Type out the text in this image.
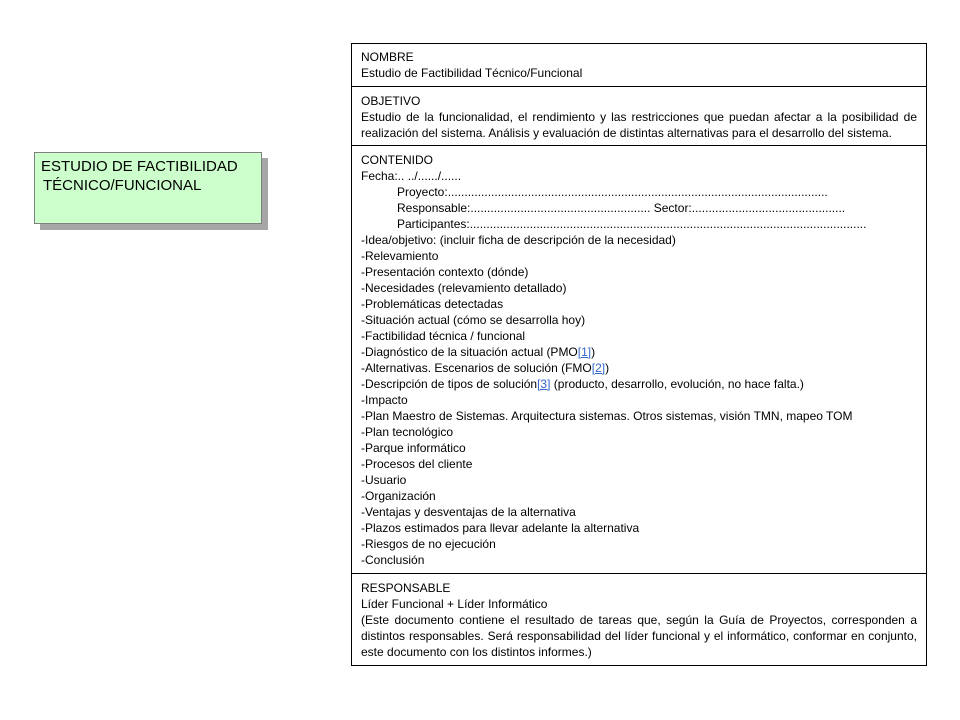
ESTUDIO DE FACTIBILIDAD
TÉCNICO/FUNCIONAL
NOMBRE
Estudio de Factibilidad Técnico/Funcional
OBJETIVO
Estudio de la funcionalidad, el rendimiento y las restricciones que puedan afectar a la posibilidad de realización del sistema. Análisis y evaluación de distintas alternativas para el desarrollo del sistema.
CONTENIDO
Fecha:.. ../....../......
Proyecto:..................................................................................................................
Responsable:...................................................... Sector:..............................................
Participantes:.......................................................................................................................
-Idea/objetivo: (incluir ficha de descripción de la necesidad)
-Relevamiento
-Presentación contexto (dónde)
-Necesidades (relevamiento detallado)
-Problemáticas detectadas
-Situación actual (cómo se desarrolla hoy)
-Factibilidad técnica / funcional
-Diagnóstico de la situación actual (PMO[1])
-Alternativas. Escenarios de solución (FMO[2])
-Descripción de tipos de solución[3] (producto, desarrollo, evolución, no hace falta.)
-Impacto
-Plan Maestro de Sistemas. Arquitectura sistemas. Otros sistemas, visión TMN, mapeo TOM
-Plan tecnológico
-Parque informático
-Procesos del cliente
-Usuario
-Organización
-Ventajas y desventajas de la alternativa
-Plazos estimados para llevar adelante la alternativa
-Riesgos de no ejecución
-Conclusión
RESPONSABLE
Líder Funcional + Líder Informático
(Este documento contiene el resultado de tareas que, según la Guía de Proyectos, corresponden a distintos responsables. Será responsabilidad del líder funcional y el informático, conformar en conjunto, este documento con los distintos informes.)
